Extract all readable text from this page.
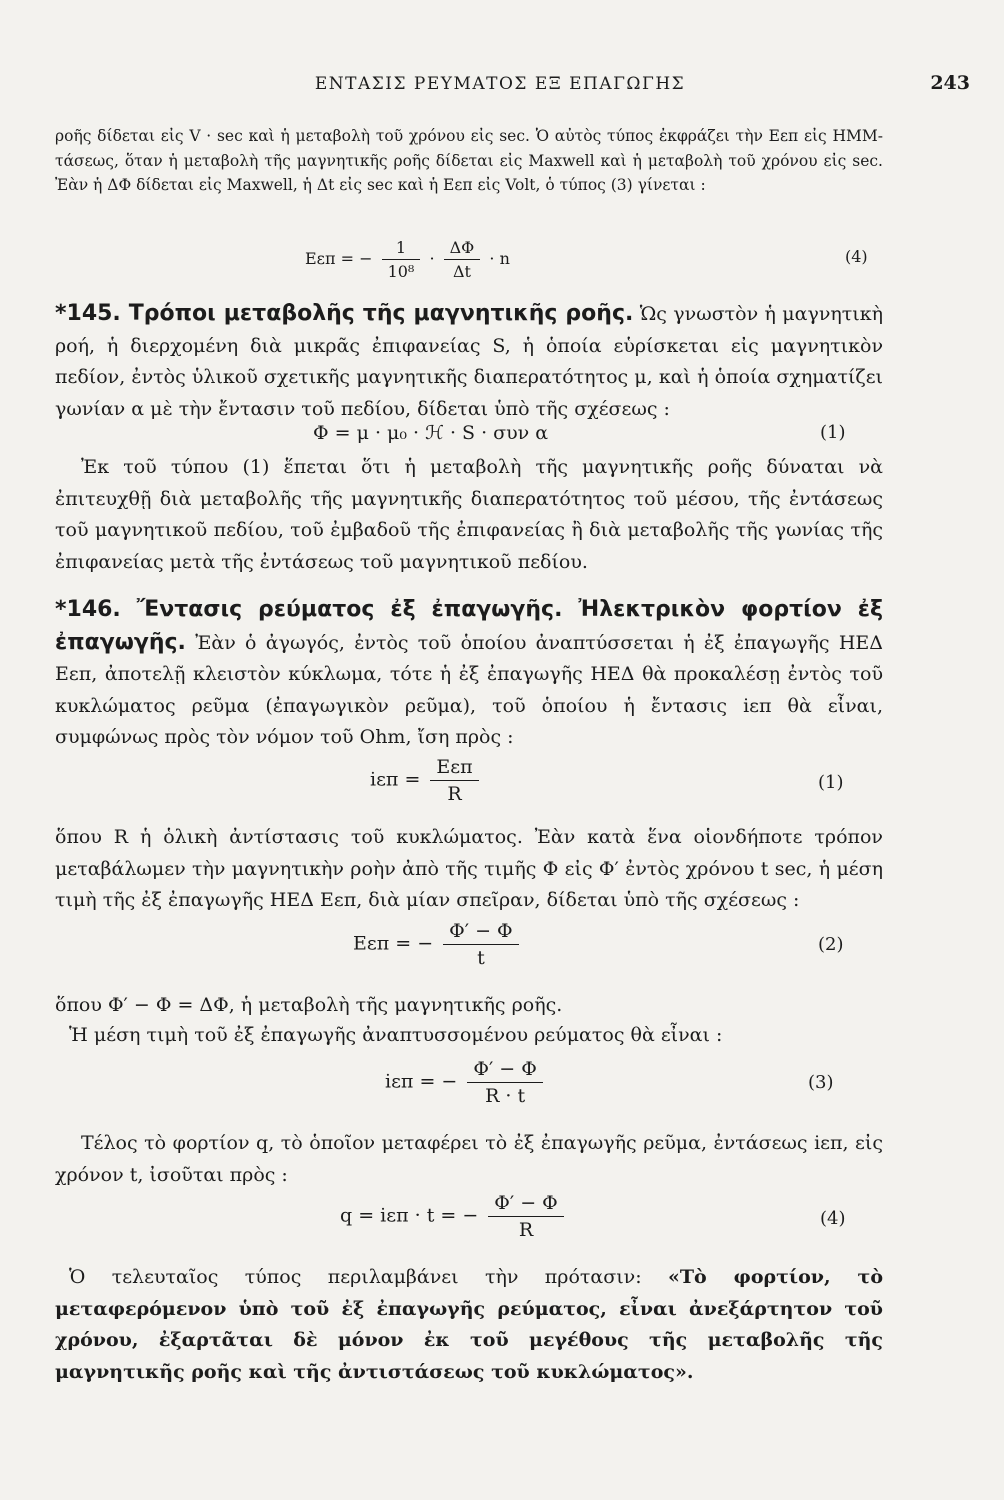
ΕΝΤΑΣΙΣ ΡΕΥΜΑΤΟΣ ΕΞ ΕΠΑΓΩΓΗΣ	243
ροῆς δίδεται εἰς V · sec καὶ ἡ μεταβολὴ τοῦ χρόνου εἰς sec. Ὁ αὐτὸς τύπος ἐκφράζει τὴν Eεπ εἰς ΗΜΜ-τάσεως, ὅταν ἡ μεταβολὴ τῆς μαγνητικῆς ροῆς δίδεται εἰς Maxwell καὶ ἡ μεταβολὴ τοῦ χρόνου εἰς sec. Ἐὰν ἡ ΔΦ δίδεται εἰς Maxwell, ἡ Δt εἰς sec καὶ ἡ Eεπ εἰς Volt, ὁ τύπος (3) γίνεται :
Eεπ = − $\frac{1}{\text{10⁸}} \cdot \frac{\Delta\Phi}{\Delta t} \cdot n$	(4)
*145. Τρόποι μεταβολῆς τῆς μαγνητικῆς ροῆς. Ὡς γνωστὸν ἡ μαγνητικὴ ροή, ἡ διερχομένη διὰ μικρᾶς ἐπιφανείας S, ἡ ὁποία εὑρίσκεται εἰς μαγνητικὸν πεδίον, ἐντὸς ὑλικοῦ σχετικῆς μαγνητικῆς διαπερατότητος μ, καὶ ἡ ὁποία σχηματίζει γωνίαν α μὲ τὴν ἔντασιν τοῦ πεδίου, δίδεται ὑπὸ τῆς σχέσεως :
Φ = μ · μ₀ · ℋ · S · συν α	(1)
Ἐκ τοῦ τύπου (1) ἕπεται ὅτι ἡ μεταβολὴ τῆς μαγνητικῆς ροῆς δύναται νὰ ἐπιτευχθῇ διὰ μεταβολῆς τῆς μαγνητικῆς διαπερατότητος τοῦ μέσου, τῆς ἐντάσεως τοῦ μαγνητικοῦ πεδίου, τοῦ ἐμβαδοῦ τῆς ἐπιφανείας ἢ διὰ μεταβολῆς τῆς γωνίας τῆς ἐπιφανείας μετὰ τῆς ἐντάσεως τοῦ μαγνητικοῦ πεδίου.
*146. Ἔντασις ρεύματος ἐξ ἐπαγωγῆς. Ἠλεκτρικὸν φορτίον ἐξ ἐπαγωγῆς. Ἐὰν ὁ ἀγωγός, ἐντὸς τοῦ ὁποίου ἀναπτύσσεται ἡ ἐξ ἐπαγωγῆς ΗΕΔ Eεπ, ἀποτελῇ κλειστὸν κύκλωμα, τότε ἡ ἐξ ἐπαγωγῆς ΗΕΔ θὰ προκαλέσῃ ἐντὸς τοῦ κυκλώματος ρεῦμα (ἐπαγωγικὸν ρεῦμα), τοῦ ὁποίου ἡ ἔντασις iεπ θὰ εἶναι, συμφώνως πρὸς τὸν νόμον τοῦ Ohm, ἴση πρὸς :
$i\varepsilon\pi = \frac{\text{Eεπ}}{R}$	(1)
ὅπου R ἡ ὁλικὴ ἀντίστασις τοῦ κυκλώματος. Ἐὰν κατὰ ἕνα οἱονδήποτε τρόπον μεταβάλωμεν τὴν μαγνητικὴν ροὴν ἀπὸ τῆς τιμῆς Φ εἰς Φ′ ἐντὸς χρόνου t sec, ἡ μέση τιμὴ τῆς ἐξ ἐπαγωγῆς ΗΕΔ Eεπ, διὰ μίαν σπεῖραν, δίδεται ὑπὸ τῆς σχέσεως :
Eεπ = − $\frac{\Phi' - \Phi}{t}$	(2)
ὅπου Φ′ − Φ = ΔΦ, ἡ μεταβολὴ τῆς μαγνητικῆς ροῆς.
Ἡ μέση τιμὴ τοῦ ἐξ ἐπαγωγῆς ἀναπτυσσομένου ρεύματος θὰ εἶναι :
iεπ = − $\frac{\Phi' - \Phi}{R \cdot t}$	(3)
Τέλος τὸ φορτίον q, τὸ ὁποῖον μεταφέρει τὸ ἐξ ἐπαγωγῆς ρεῦμα, ἐντάσεως iεπ, εἰς χρόνον t, ἰσοῦται πρὸς :
q = iεπ · t = − $\frac{\Phi' - \Phi}{R}$	(4)
Ὁ τελευταῖος τύπος περιλαμβάνει τὴν πρότασιν: «Τὸ φορτίον, τὸ μεταφερόμενον ὑπὸ τοῦ ἐξ ἐπαγωγῆς ρεύματος, εἶναι ἀνεξάρτητον τοῦ χρόνου, ἐξαρτᾶται δὲ μόνον ἐκ τοῦ μεγέθους τῆς μεταβολῆς τῆς μαγνητικῆς ροῆς καὶ τῆς ἀντιστάσεως τοῦ κυκλώματος».
